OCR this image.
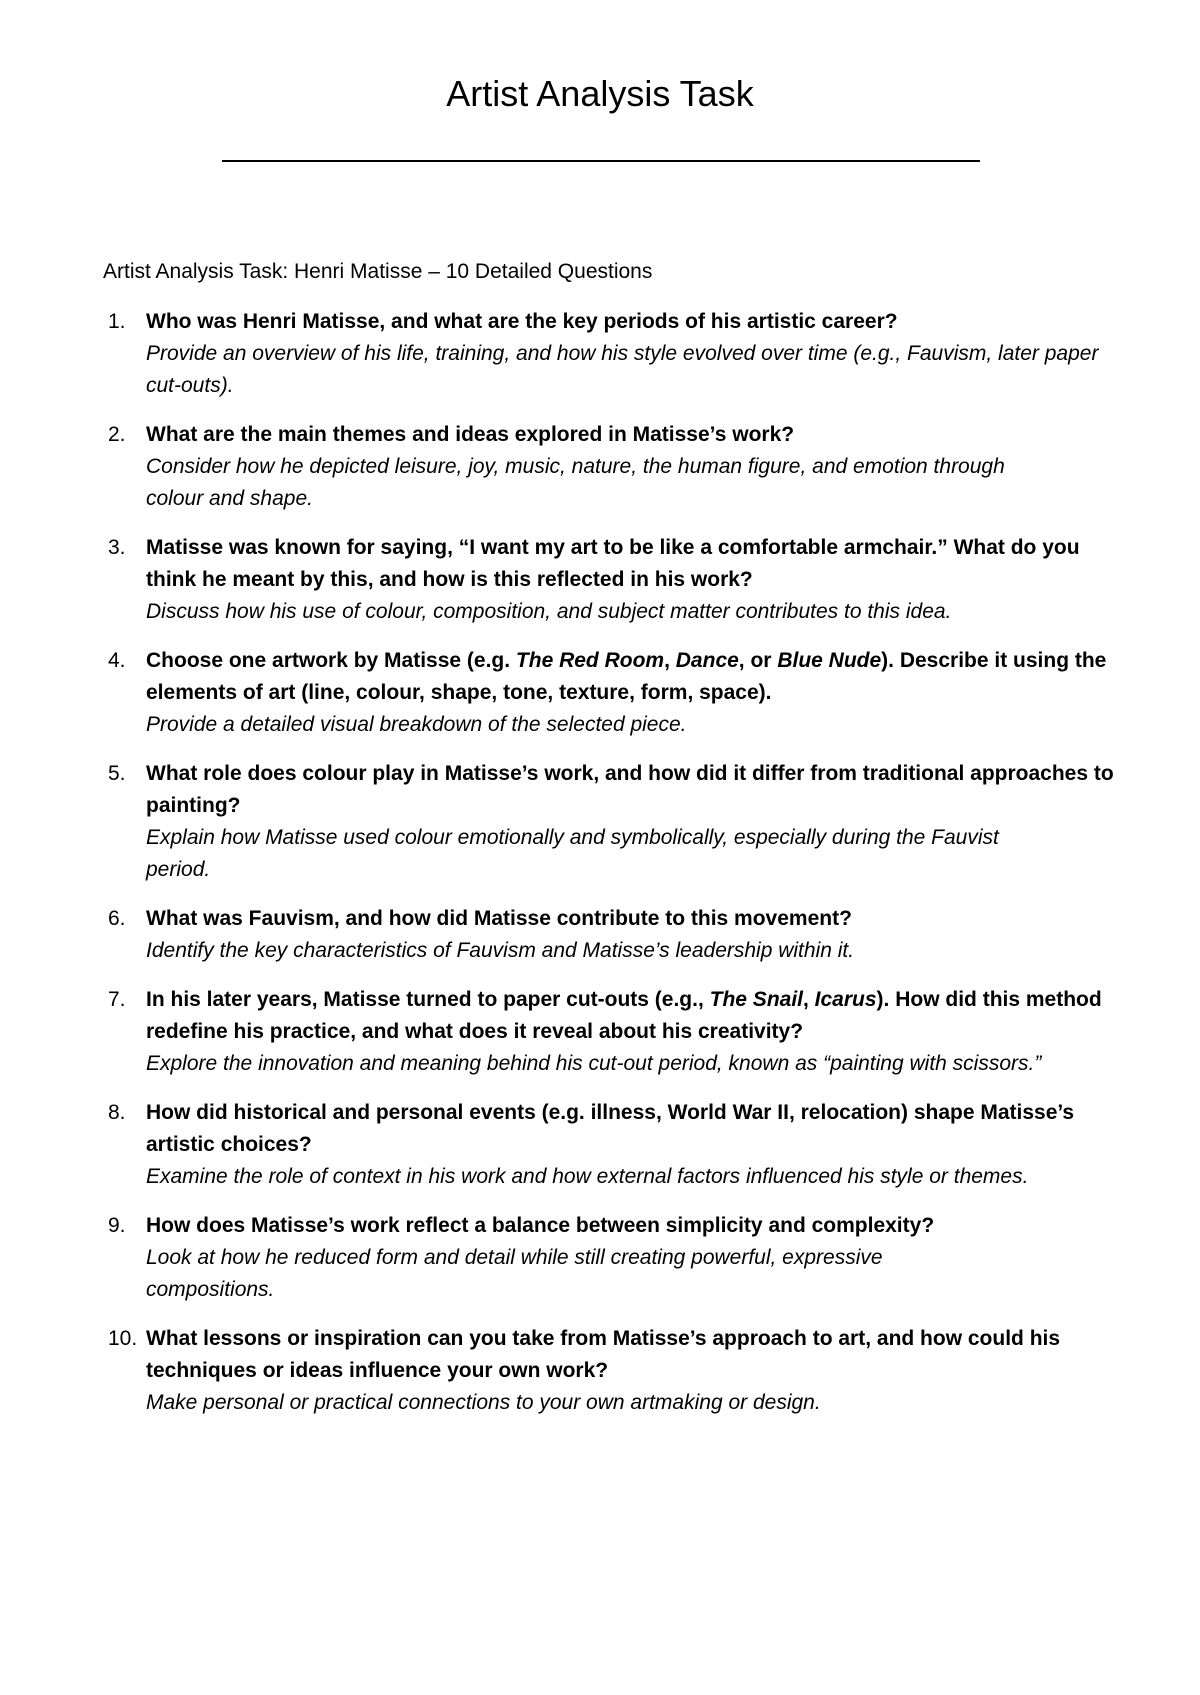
Artist Analysis Task
Artist Analysis Task: Henri Matisse – 10 Detailed Questions
1. Who was Henri Matisse, and what are the key periods of his artistic career?
Provide an overview of his life, training, and how his style evolved over time (e.g., Fauvism, later paper cut-outs).
2. What are the main themes and ideas explored in Matisse’s work?
Consider how he depicted leisure, joy, music, nature, the human figure, and emotion through colour and shape.
3. Matisse was known for saying, “I want my art to be like a comfortable armchair.” What do you think he meant by this, and how is this reflected in his work?
Discuss how his use of colour, composition, and subject matter contributes to this idea.
4. Choose one artwork by Matisse (e.g. The Red Room, Dance, or Blue Nude). Describe it using the elements of art (line, colour, shape, tone, texture, form, space).
Provide a detailed visual breakdown of the selected piece.
5. What role does colour play in Matisse’s work, and how did it differ from traditional approaches to painting?
Explain how Matisse used colour emotionally and symbolically, especially during the Fauvist period.
6. What was Fauvism, and how did Matisse contribute to this movement?
Identify the key characteristics of Fauvism and Matisse’s leadership within it.
7. In his later years, Matisse turned to paper cut-outs (e.g., The Snail, Icarus). How did this method redefine his practice, and what does it reveal about his creativity?
Explore the innovation and meaning behind his cut-out period, known as “painting with scissors.”
8. How did historical and personal events (e.g. illness, World War II, relocation) shape Matisse’s artistic choices?
Examine the role of context in his work and how external factors influenced his style or themes.
9. How does Matisse’s work reflect a balance between simplicity and complexity?
Look at how he reduced form and detail while still creating powerful, expressive compositions.
10. What lessons or inspiration can you take from Matisse’s approach to art, and how could his techniques or ideas influence your own work?
Make personal or practical connections to your own artmaking or design.
